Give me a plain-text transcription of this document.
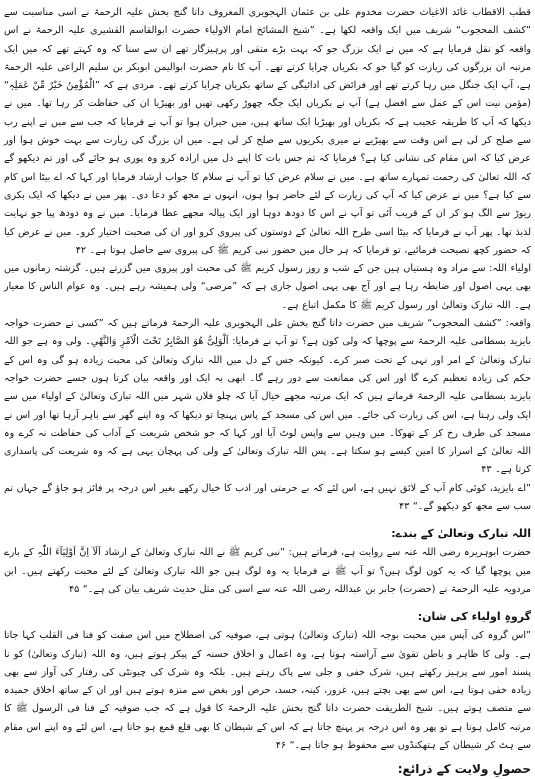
قطب الاقطاب غائد الاغیاث حضرت مخدوم علی بن عثمان الہجویری المعروف داتا گنج بخش علیہ الرحمۃ نے اسی مناسبت سے ”کشف المحجوب“ شریف میں ایک واقعہ لکھا ہے۔ ”شیخ المشائخ امام الاولیاء حضرت ابوالقاسم القشیری علیہ الرحمۃ نے اس واقعہ کو نقل فرمایا ہے کہ میں نے ایک بزرگ جو کہ بہت بڑے متقی اور پرہیزگار تھے ان سے سنا کہ وہ کہتے تھے کہ میں ایک مرتبہ ان بزرگوں کی زیارت کو گیا جو کہ بکریاں چرایا کرتے تھے۔ آپ کا نام حضرت ابوالیمن ابوبکر بن سلیم الراعی علیہ الرحمۃ ہے، آپ ایک جنگل میں رہا کرتے تھے اور فرائض کی ادائیگی کے ساتھ بکریاں چرایا کرتے تھے۔ مردی ہے کہ ”الْمُؤْمِنُ خَیْرٌ مِّنْ عَمَلِہٖ“ (مؤمن نیت اس کے عمل سے افضل ہے) آپ نے بکریاں ایک جگہ چھوڑ رکھی تھیں اور بھیڑیا ان کی حفاظت کر رہا تھا۔ میں نے دیکھا کہ آپ کا طریقہ عجیب ہے کہ بکریاں اور بھیڑیا ایک ساتھ ہیں، میں حیران ہوا تو آپ نے فرمایا کہ جب سے میں نے اپنے رب سے صلح کر لی ہے اس وقت سے بھیڑیے نے میری بکریوں سے صلح کر لی ہے۔ میں ان بزرگ کی زیارت سے بہت خوش ہوا اور عرض کیا کہ اس مقام کی نشانی کیا ہے؟ فرمایا کہ تم جس بات کا اپنے دل میں ارادہ کرو وہ پوری ہو جائے گی اور تم دیکھو گے کہ اللہ تعالیٰ کی رحمت تمہارے ساتھ ہے۔ میں نے سلام عرض کیا تو آپ نے سلام کا جواب ارشاد فرمایا اور کہا کہ اے بیٹا اس کام سے کیا ہے؟ میں نے عرض کیا کہ آپ کی زیارت کے لئے حاضر ہوا ہوں، انہوں نے مجھ کو دعا دی۔ پھر میں نے دیکھا کہ ایک بکری ریوڑ سے الگ ہو کر ان کے قریب آئی تو آپ نے اس کا دودھ دوہا اور ایک پیالہ مجھے عطا فرمایا۔ میں نے وہ دودھ پیا جو نہایت لذیذ تھا۔ پھر آپ نے فرمایا کہ بیٹا اسی طرح اللہ تعالیٰ کے دوستوں کی پیروی کرو اور ان کی صحبت اختیار کرو۔ میں نے عرض کیا کہ حضور کچھ نصیحت فرمائیے، تو فرمایا کہ ہر حال میں حضور نبی کریم ﷺ کی پیروی سے حاصل ہوتا ہے۔ ۴۲

اولیاء اللہ: سے مراد وہ ہستیاں ہیں جن کے شب و روز رسول کریم ﷺ کی محبت اور پیروی میں گزرتے ہیں۔ گزشتہ زمانوں میں بھی یہی اصول اور ضابطہ رہا ہے اور آج بھی یہی اصول جاری ہے کہ ”مرضی“ ولی ہمیشہ رہے ہیں۔ وہ عوام الناس کا معیار ہے۔ اللہ تبارک وتعالیٰ اور رسول کریم ﷺ کا مکمل اتباع ہے۔

واقعہ: ”کشف المحجوب“ شریف میں حضرت داتا گنج بخش علی الہجویری علیہ الرحمۃ فرماتے ہیں کہ ”کسی نے حضرت خواجہ بایزید بسطامی علیہ الرحمۃ سے پوچھا کہ ولی کون ہے؟ تو آپ نے فرمایا: اَلْوَلِیُّ ھُوَ الصَّابِرُ تَحْتَ الْاَمْرِ وَالنَّھْیِ۔ ولی وہ ہے جو اللہ تبارک وتعالیٰ کے امر اور نہی کے تحت صبر کرے۔ کیونکہ جس کے دل میں اللہ تبارک وتعالیٰ کی محبت زیادہ ہو گی وہ اس کے حکم کی زیادہ تعظیم کرے گا اور اس کی ممانعت سے دور رہے گا۔ ابھی یہ ایک اور واقعہ بیان کرتا ہوں جسے حضرت خواجہ بایزید بسطامی علیہ الرحمۃ فرماتے ہیں کہ ایک مرتبہ مجھے خیال آیا کہ چلو فلاں شہر میں اللہ تبارک وتعالیٰ کے اولیاء میں سے ایک ولی رہتا ہے، اس کی زیارت کی جائے۔ میں اس کی مسجد کے پاس پہنچا تو دیکھا کہ وہ اپنے گھر سے باہر آرہا تھا اور اس نے مسجد کی طرف رخ کر کے تھوکا۔ میں وہیں سے واپس لوٹ آیا اور کہا کہ جو شخص شریعت کے آداب کی حفاظت نہ کرے وہ اللہ تعالیٰ کے اسرار کا امین کیسے ہو سکتا ہے۔ پس اللہ تبارک وتعالیٰ کے ولی کی پہچان یہی ہے کہ وہ شریعت کی پاسداری کرتا ہے۔ ۴۳

”اے بایزید، کوئی کام آپ کے لائق نہیں ہے، اس لئے کہ بے حرمتی اور ادب کا خیال رکھے بغیر اس درجہ پر فائز ہو جاؤ گے جہاں تم سب سے مجھ کو دیکھو گے۔“ ۴۳

اللہ تبارک وتعالیٰ کے بندے:

حضرت ابوہریرہ رضی اللہ عنہ سے روایت ہے، فرماتے ہیں: ”نبی کریم ﷺ نے اللہ تبارک وتعالیٰ کے ارشاد اَلَآ اِنَّ اَوْلِیَآءَ اللّٰہِ کے بارے میں پوچھا گیا کہ یہ کون لوگ ہیں؟ تو آپ ﷺ نے فرمایا یہ وہ لوگ ہیں جو اللہ تبارک وتعالیٰ کے لئے محبت رکھتے ہیں۔ ابن مردویہ علیہ الرحمۃ نے (حضرت) جابر بن عبداللہ رضی اللہ عنہ سے اسی کی مثل حدیث شریف بیان کی ہے۔“ ۴۵

گروہِ اولیاء کی شان:

”اس گروہ کی آپس میں محبت بوجہ اللہ (تبارک وتعالیٰ) ہوتی ہے، صوفیہ کی اصطلاح میں اس صفت کو فنا فی القلب کہا جاتا ہے۔ ولی کا ظاہر و باطن تقویٰ سے آراستہ ہوتا ہے، وہ اعمال و اخلاق حسنہ کے پیکر ہوتے ہیں، وہ اللہ (تبارک وتعالیٰ) کو نا پسند امور سے پرہیز رکھتے ہیں، شرک خفی و جلی سے پاک رہتے ہیں۔ بلکہ وہ شرک کی چیونٹی کی رفتار کی آواز سے بھی زیادہ خفی ہوتا ہے، اس سے بھی بچتے ہیں، غرور، کینہ، حسد، حرص اور بغض سے منزہ ہوتے ہیں اور ان کے ساتھ اخلاق حمیدہ سے متصف ہوتے ہیں۔ شیخ الطریقت حضرت داتا گنج بخش علیہ الرحمۃ کا قول ہے کہ جب صوفیہ کے فنا فی الرسول ﷺ کا مرتبہ کامل ہوتا ہے تو پھر وہ اس درجہ پر پہنچ جاتا ہے کہ اس کے شیطان کا بھی قلع قمع ہو جاتا ہے، اس لئے وہ اپنے اس مقام سے ہٹ کر شیطان کے ہتھکنڈوں سے محفوظ ہو جاتا ہے۔“ ۴۶

حصولِ ولایت کے ذرائع:
